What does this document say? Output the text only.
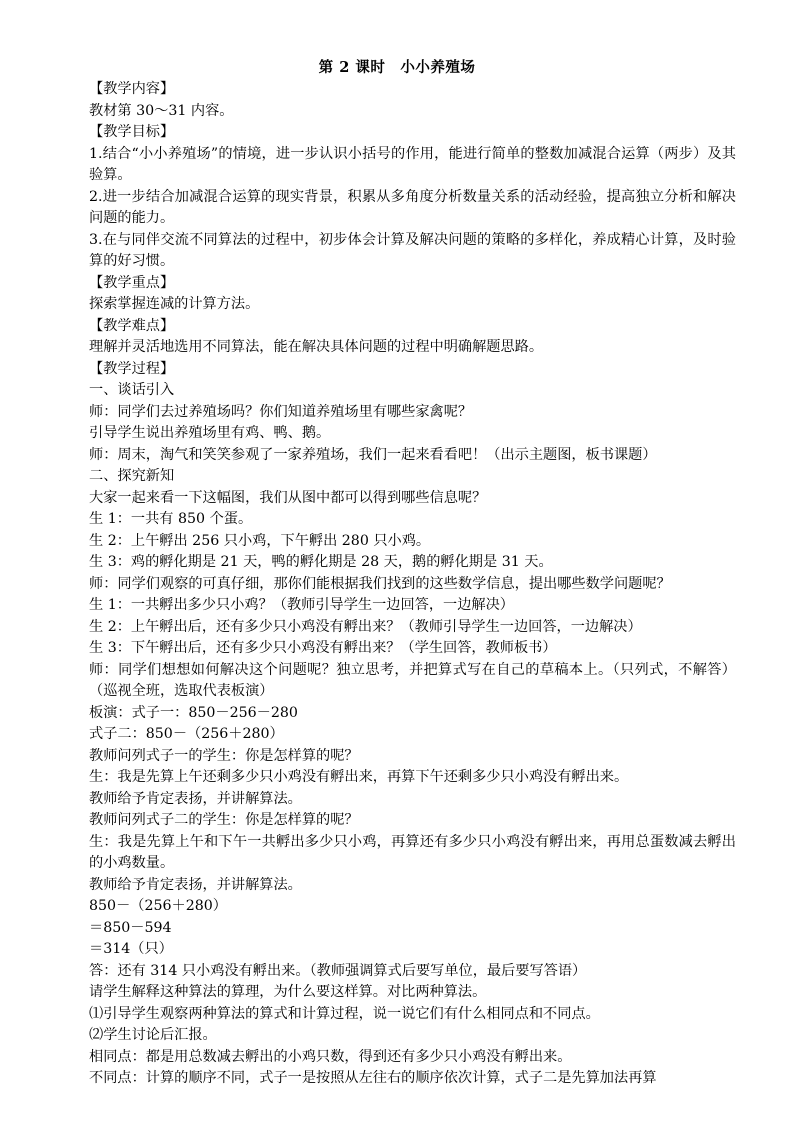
第 2 课时　小小养殖场
【教学内容】
教材第 30～31 内容。
【教学目标】
1.结合“小小养殖场”的情境，进一步认识小括号的作用，能进行简单的整数加减混合运算（两步）及其验算。
2.进一步结合加减混合运算的现实背景，积累从多角度分析数量关系的活动经验，提高独立分析和解决问题的能力。
3.在与同伴交流不同算法的过程中，初步体会计算及解决问题的策略的多样化，养成精心计算，及时验算的好习惯。
【教学重点】
探索掌握连减的计算方法。
【教学难点】
理解并灵活地选用不同算法，能在解决具体问题的过程中明确解题思路。
【教学过程】
一、谈话引入
师：同学们去过养殖场吗？你们知道养殖场里有哪些家禽呢？
引导学生说出养殖场里有鸡、鸭、鹅。
师：周末，淘气和笑笑参观了一家养殖场，我们一起来看看吧！（出示主题图，板书课题）
二、探究新知
大家一起来看一下这幅图，我们从图中都可以得到哪些信息呢？
生 1：一共有 850 个蛋。
生 2：上午孵出 256 只小鸡，下午孵出 280 只小鸡。
生 3：鸡的孵化期是 21 天，鸭的孵化期是 28 天，鹅的孵化期是 31 天。
师：同学们观察的可真仔细，那你们能根据我们找到的这些数学信息，提出哪些数学问题呢？
生 1：一共孵出多少只小鸡？（教师引导学生一边回答，一边解决）
生 2：上午孵出后，还有多少只小鸡没有孵出来？（教师引导学生一边回答，一边解决）
生 3：下午孵出后，还有多少只小鸡没有孵出来？（学生回答，教师板书）
师：同学们想想如何解决这个问题呢？独立思考，并把算式写在自己的草稿本上。（只列式，不解答）（巡视全班，选取代表板演）
板演：式子一：850－256－280
式子二：850－（256＋280）
教师问列式子一的学生：你是怎样算的呢？
生：我是先算上午还剩多少只小鸡没有孵出来，再算下午还剩多少只小鸡没有孵出来。
教师给予肯定表扬，并讲解算法。
教师问列式子二的学生：你是怎样算的呢？
生：我是先算上午和下午一共孵出多少只小鸡，再算还有多少只小鸡没有孵出来，再用总蛋数减去孵出的小鸡数量。
教师给予肯定表扬，并讲解算法。
850－（256＋280）
＝850－594
＝314（只）
答：还有 314 只小鸡没有孵出来。（教师强调算式后要写单位，最后要写答语）
请学生解释这种算法的算理，为什么要这样算。对比两种算法。
⑴引导学生观察两种算法的算式和计算过程，说一说它们有什么相同点和不同点。
⑵学生讨论后汇报。
相同点：都是用总数减去孵出的小鸡只数，得到还有多少只小鸡没有孵出来。
不同点：计算的顺序不同，式子一是按照从左往右的顺序依次计算，式子二是先算加法再算
